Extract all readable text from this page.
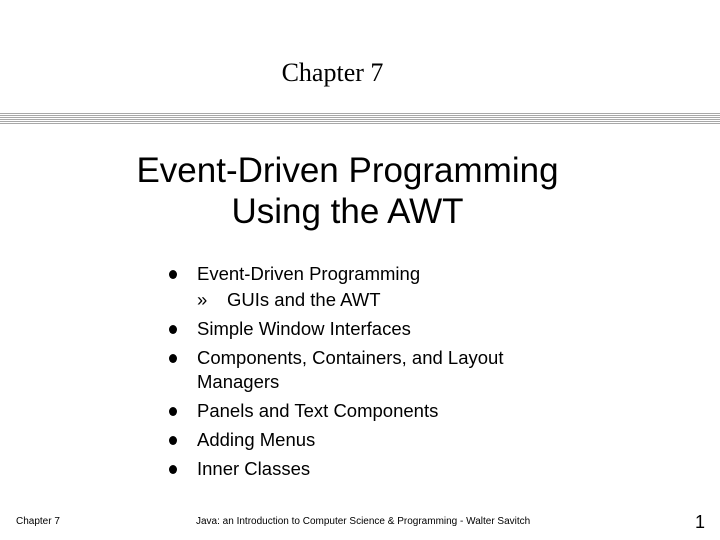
Chapter 7
Event-Driven Programming
Using the AWT
Event-Driven Programming
» GUIs and the AWT
Simple Window Interfaces
Components, Containers, and Layout Managers
Panels and Text Components
Adding Menus
Inner Classes
Chapter 7	Java: an Introduction to Computer Science & Programming - Walter Savitch	1
